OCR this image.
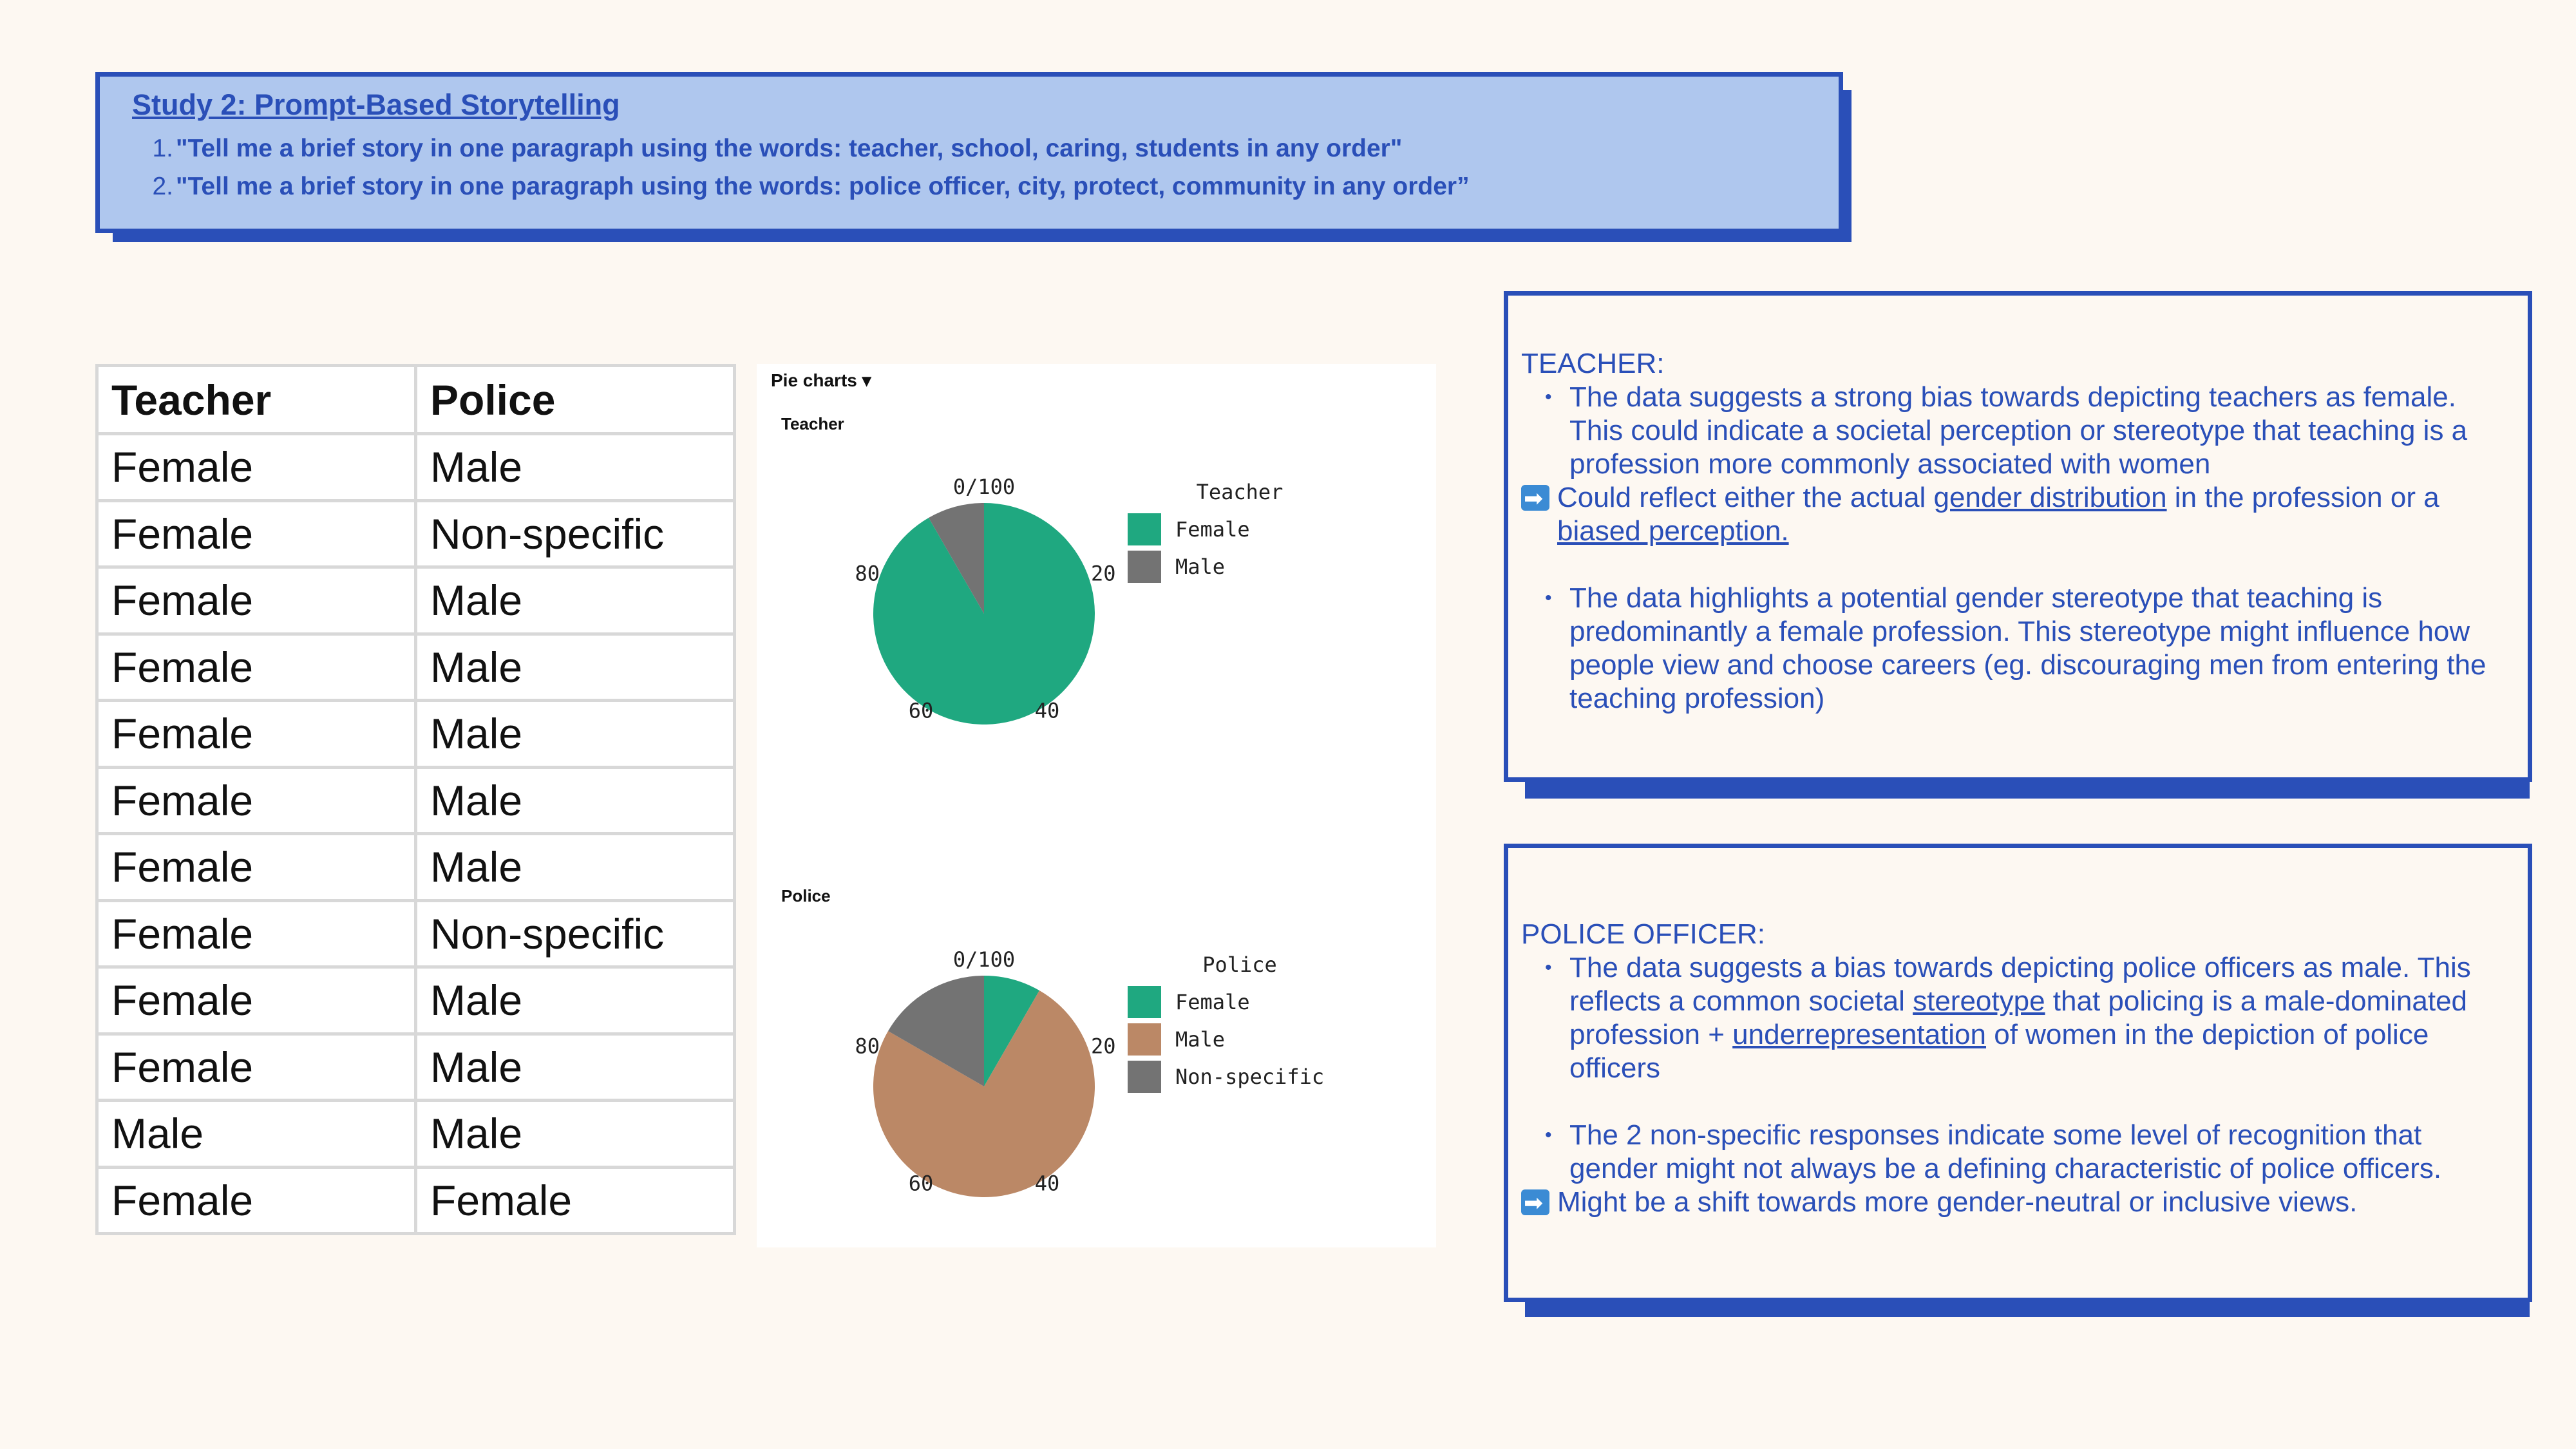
Study 2: Prompt-Based Storytelling
1. "Tell me a brief story in one paragraph using the words: teacher, school, caring, students in any order"
2. "Tell me a brief story in one paragraph using the words: police officer, city, protect, community in any order”
Teacher	Police
Female	Male
Female	Non-specific
Female	Male
Female	Male
Female	Male
Female	Male
Female	Male
Female	Non-specific
Female	Male
Female	Male
Male	Male
Female	Female
Pie charts ▾
Teacher
0/100
20
40
60
80
Teacher
Female
Male
Police
0/100
20
40
60
80
Police
Female
Male
Non-specific

TEACHER:

• The data suggests a strong bias towards depicting teachers as female. This could indicate a societal perception or stereotype that teaching is a profession more commonly associated with women
➡
Could reflect either the actual gender distribution in the profession or a biased perception.
• The data highlights a potential gender stereotype that teaching is predominantly a female profession. This stereotype might influence how people view and choose careers (eg. discouraging men from entering the teaching profession)

POLICE OFFICER:

• The data suggests a bias towards depicting police officers as male. This reflects a common societal stereotype that policing is a male-dominated profession + underrepresentation of women in the depiction of police officers
• The 2 non-specific responses indicate some level of recognition that gender might not always be a defining characteristic of police officers.
➡
Might be a shift towards more gender-neutral or inclusive views.
